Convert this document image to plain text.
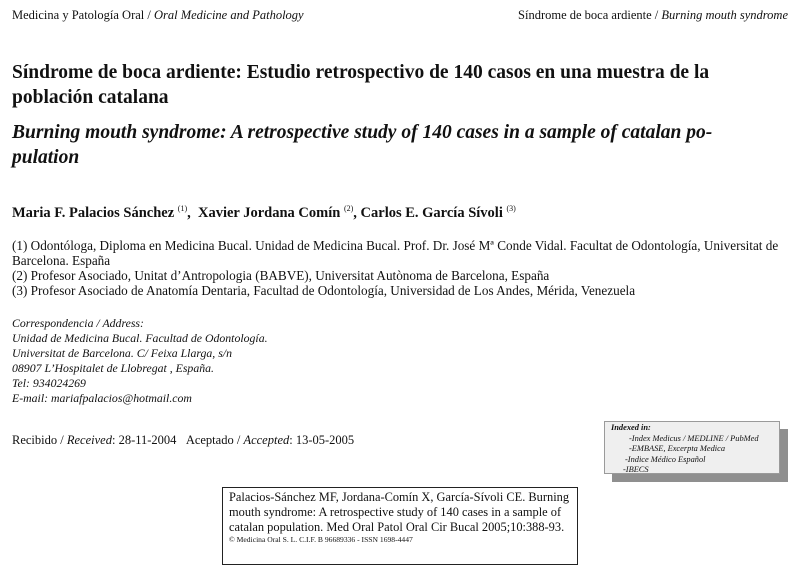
Medicina y Patología Oral / Oral Medicine and Pathology	Síndrome de boca ardiente / Burning mouth syndrome
Síndrome de boca ardiente: Estudio retrospectivo de 140 casos en una muestra de la
población catalana
Burning mouth syndrome: A retrospective study of 140 cases in a sample of catalan po-
pulation
Maria F. Palacios Sánchez $^{(1)}$,  Xavier Jordana Comín $^{(2)}$, Carlos E. García Sívoli $^{(3)}$
(1) Odontóloga, Diploma en Medicina Bucal. Unidad de Medicina Bucal. Prof. Dr. José Mª Conde Vidal. Facultat de Odontología, Universitat de Barcelona. España
(2) Profesor Asociado, Unitat d’Antropologia (BABVE), Universitat Autònoma de Barcelona, España
(3) Profesor Asociado de Anatomía Dentaria, Facultad de Odontología, Universidad de Los Andes, Mérida, Venezuela
Correspondencia / Address:
Unidad de Medicina Bucal. Facultad de Odontología.
Universitat de Barcelona. C/ Feixa Llarga, s/n
08907 L’Hospitalet de Llobregat , España.
Tel: 934024269
E-mail: mariafpalacios@hotmail.com
Recibido / Received: 28-11-2004 Aceptado / Accepted: 13-05-2005
Indexed in:
-Index Medicus / MEDLINE / PubMed
-EMBASE, Excerpta Medica
-Indice Médico Español
-IBECS
Palacios-Sánchez MF, Jordana-Comín X, García-Sívoli CE. Burning mouth syndrome: A retrospective study of 140 cases in a sample of catalan population. Med Oral Patol Oral Cir Bucal 2005;10:388-93.
© Medicina Oral S. L. C.I.F. B 96689336 - ISSN 1698-4447
